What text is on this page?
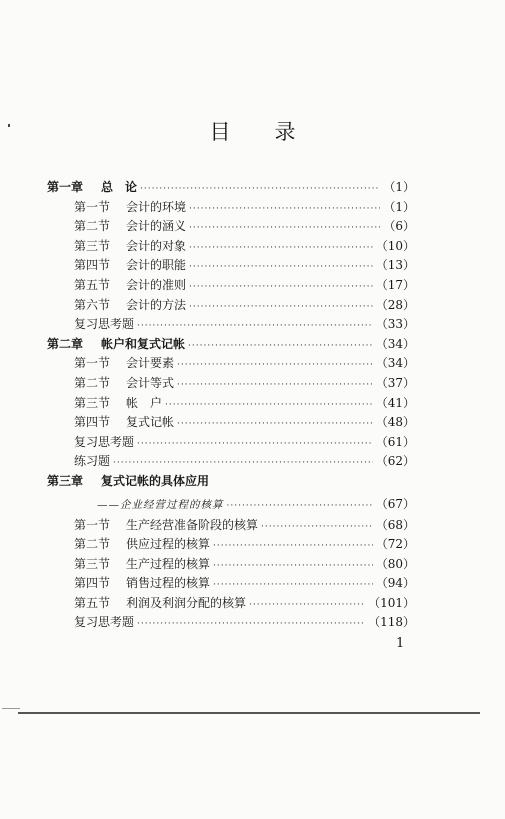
目 录
第一章	总　论 ·····	（1）
第一节	会计的环境 ·····	（1）
第二节	会计的涵义 ·····	（6）
第三节	会计的对象 ·····	（10）
第四节	会计的职能 ·····	（13）
第五节	会计的准则 ·····	（17）
第六节	会计的方法 ·····	（28）
复习思考题 ·····	（33）
第二章	帐户和复式记帐 ·····	（34）
第一节	会计要素 ·····	（34）
第二节	会计等式 ·····	（37）
第三节	帐　户 ·····	（41）
第四节	复式记帐 ·····	（48）
复习思考题 ·····	（61）
练习题 ·····	（62）
第三章	复式记帐的具体应用
——企业经营过程的核算 ·····	（67）
第一节	生产经营准备阶段的核算 ·····	（68）
第二节	供应过程的核算 ·····	（72）
第三节	生产过程的核算 ·····	（80）
第四节	销售过程的核算 ·····	（94）
第五节	利润及利润分配的核算 ·····	（101）
复习思考题 ·····	（118）
1
